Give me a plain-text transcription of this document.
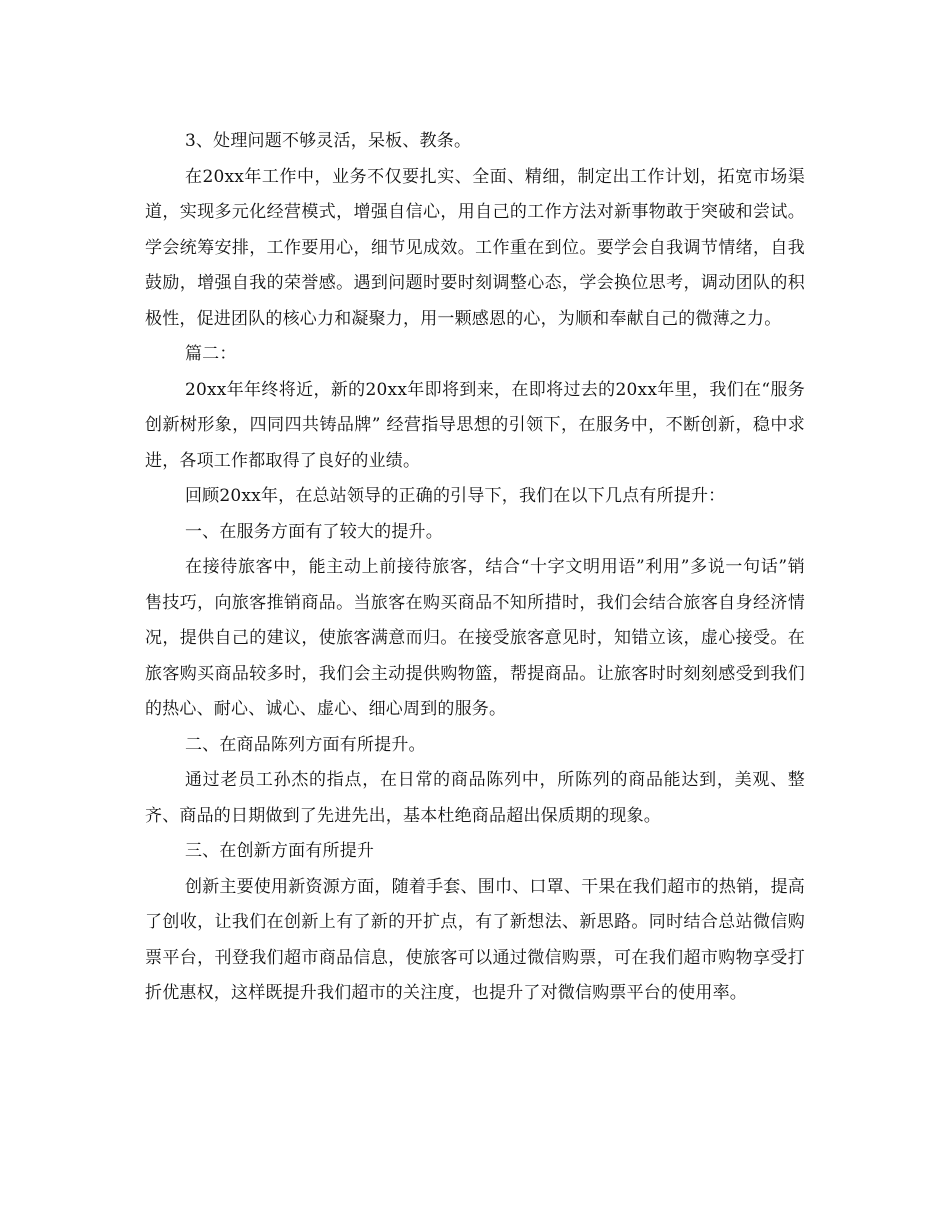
3、处理问题不够灵活，呆板、教条。

在20xx年工作中，业务不仅要扎实、全面、精细，制定出工作计划，拓宽市场渠道，实现多元化经营模式，增强自信心，用自己的工作方法对新事物敢于突破和尝试。学会统筹安排，工作要用心，细节见成效。工作重在到位。要学会自我调节情绪，自我鼓励，增强自我的荣誉感。遇到问题时要时刻调整心态，学会换位思考，调动团队的积极性，促进团队的核心力和凝聚力，用一颗感恩的心，为顺和奉献自己的微薄之力。

篇二：

20xx年年终将近，新的20xx年即将到来，在即将过去的20xx年里，我们在“服务创新树形象，四同四共铸品牌” 经营指导思想的引领下，在服务中，不断创新，稳中求进，各项工作都取得了良好的业绩。

回顾20xx年，在总站领导的正确的引导下，我们在以下几点有所提升：

一、在服务方面有了较大的提升。

在接待旅客中，能主动上前接待旅客，结合“十字文明用语”利用”多说一句话”销售技巧，向旅客推销商品。当旅客在购买商品不知所措时，我们会结合旅客自身经济情况，提供自己的建议，使旅客满意而归。在接受旅客意见时，知错立该，虚心接受。在旅客购买商品较多时，我们会主动提供购物篮，帮提商品。让旅客时时刻刻感受到我们的热心、耐心、诚心、虚心、细心周到的服务。

二、在商品陈列方面有所提升。

通过老员工孙杰的指点，在日常的商品陈列中，所陈列的商品能达到，美观、整齐、商品的日期做到了先进先出，基本杜绝商品超出保质期的现象。

三、在创新方面有所提升

创新主要使用新资源方面，随着手套、围巾、口罩、干果在我们超市的热销，提高了创收，让我们在创新上有了新的开扩点，有了新想法、新思路。同时结合总站微信购票平台，刊登我们超市商品信息，使旅客可以通过微信购票，可在我们超市购物享受打折优惠权，这样既提升我们超市的关注度，也提升了对微信购票平台的使用率。
